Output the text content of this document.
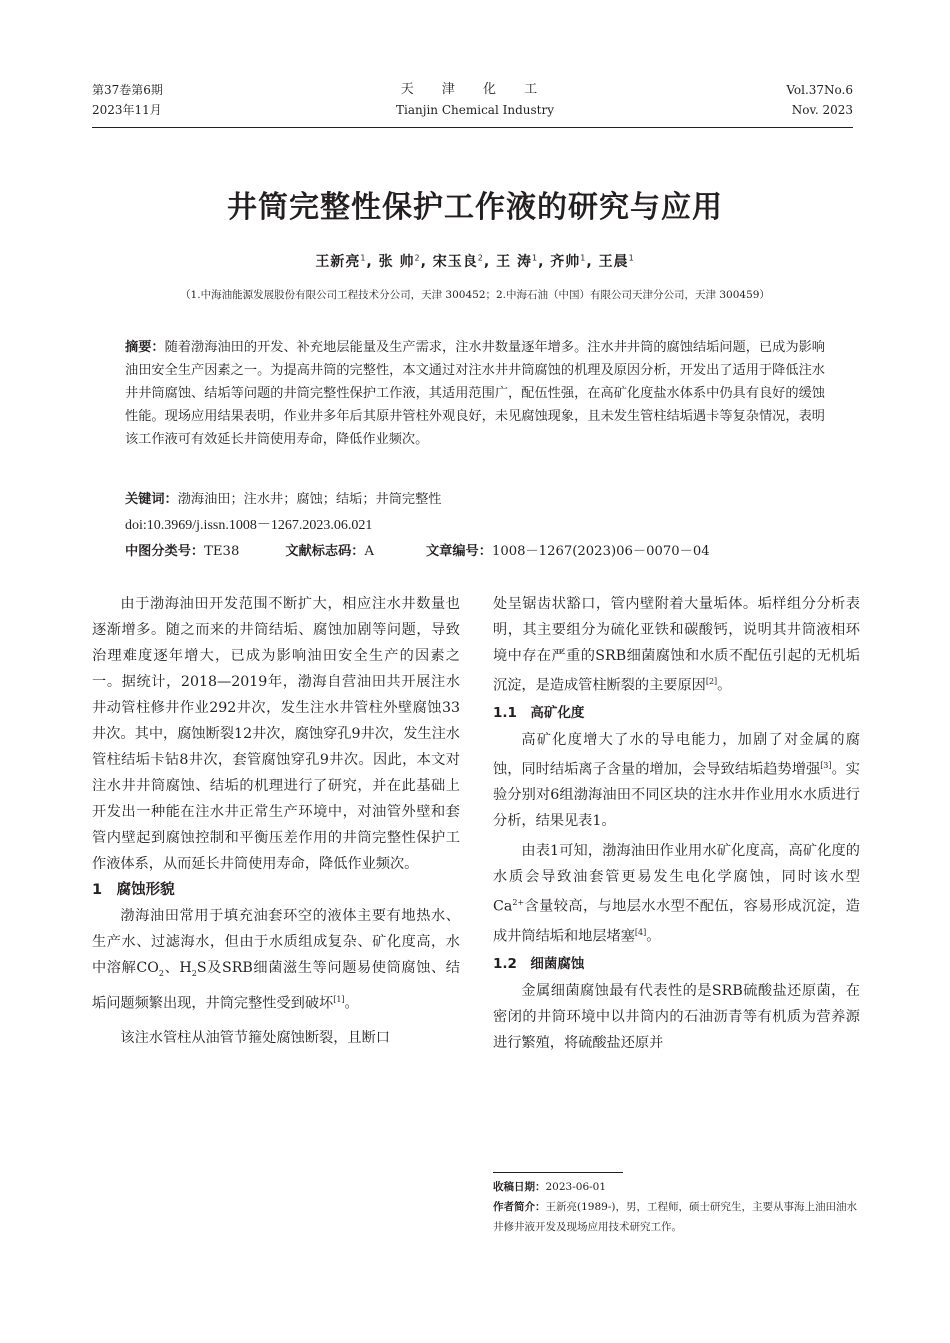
第37卷第6期
2023年11月
天 津 化 工
Tianjin Chemical Industry
Vol.37No.6
Nov. 2023
井筒完整性保护工作液的研究与应用
王新亮$^1$, 张 帅$^2$, 宋玉良$^2$, 王 涛$^1$, 齐帅$^1$, 王晨$^1$
（1.中海油能源发展股份有限公司工程技术分公司，天津 300452；2.中海石油（中国）有限公司天津分公司，天津 300459）
摘要：随着渤海油田的开发、补充地层能量及生产需求，注水井数量逐年增多。注水井井筒的腐蚀结垢问题，已成为影响油田安全生产因素之一。为提高井筒的完整性，本文通过对注水井井筒腐蚀的机理及原因分析，开发出了适用于降低注水井井筒腐蚀、结垢等问题的井筒完整性保护工作液，其适用范围广，配伍性强，在高矿化度盐水体系中仍具有良好的缓蚀性能。现场应用结果表明，作业井多年后其原井管柱外观良好，未见腐蚀现象，且未发生管柱结垢遇卡等复杂情况，表明该工作液可有效延长井筒使用寿命，降低作业频次。
关键词：渤海油田；注水井；腐蚀；结垢；井筒完整性
doi:10.3969/j.issn.1008－1267.2023.06.021
中图分类号：TE38	文献标志码：A	文章编号：1008－1267(2023)06－0070－04

由于渤海油田开发范围不断扩大，相应注水井数量也逐渐增多。随之而来的井筒结垢、腐蚀加剧等问题，导致治理难度逐年增大，已成为影响油田安全生产的因素之一。据统计，2018—2019年，渤海自营油田共开展注水井动管柱修井作业292井次，发生注水井管柱外壁腐蚀33井次。其中，腐蚀断裂12井次，腐蚀穿孔9井次，发生注水管柱结垢卡钻8井次，套管腐蚀穿孔9井次。因此，本文对注水井井筒腐蚀、结垢的机理进行了研究，并在此基础上开发出一种能在注水井正常生产环境中，对油管外壁和套管内壁起到腐蚀控制和平衡压差作用的井筒完整性保护工作液体系，从而延长井筒使用寿命，降低作业频次。

1　腐蚀形貌

渤海油田常用于填充油套环空的液体主要有地热水、生产水、过滤海水，但由于水质组成复杂、矿化度高，水中溶解$CO_2$、$H_2S$及SRB细菌滋生等问题易使筒腐蚀、结垢问题频繁出现，井筒完整性受到破坏[1]。

该注水管柱从油管节箍处腐蚀断裂，且断口

处呈锯齿状豁口，管内壁附着大量垢体。垢样组分分析表明，其主要组分为硫化亚铁和碳酸钙，说明其井筒液相环境中存在严重的SRB细菌腐蚀和水质不配伍引起的无机垢沉淀，是造成管柱断裂的主要原因[2]。

1.1　高矿化度

高矿化度增大了水的导电能力，加剧了对金属的腐蚀，同时结垢离子含量的增加，会导致结垢趋势增强[3]。实验分别对6组渤海油田不同区块的注水井作业用水水质进行分析，结果见表1。

由表1可知，渤海油田作业用水矿化度高，高矿化度的水质会导致油套管更易发生电化学腐蚀，同时该水型$Ca^{2+}$含量较高，与地层水水型不配伍，容易形成沉淀，造成井筒结垢和地层堵塞[4]。

1.2　细菌腐蚀

金属细菌腐蚀最有代表性的是SRB硫酸盐还原菌，在密闭的井筒环境中以井筒内的石油沥青等有机质为营养源进行繁殖，将硫酸盐还原并

收稿日期：2023-06-01
作者简介：王新亮(1989-)，男，工程师，硕士研究生，主要从事海上油田油水井修井液开发及现场应用技术研究工作。
